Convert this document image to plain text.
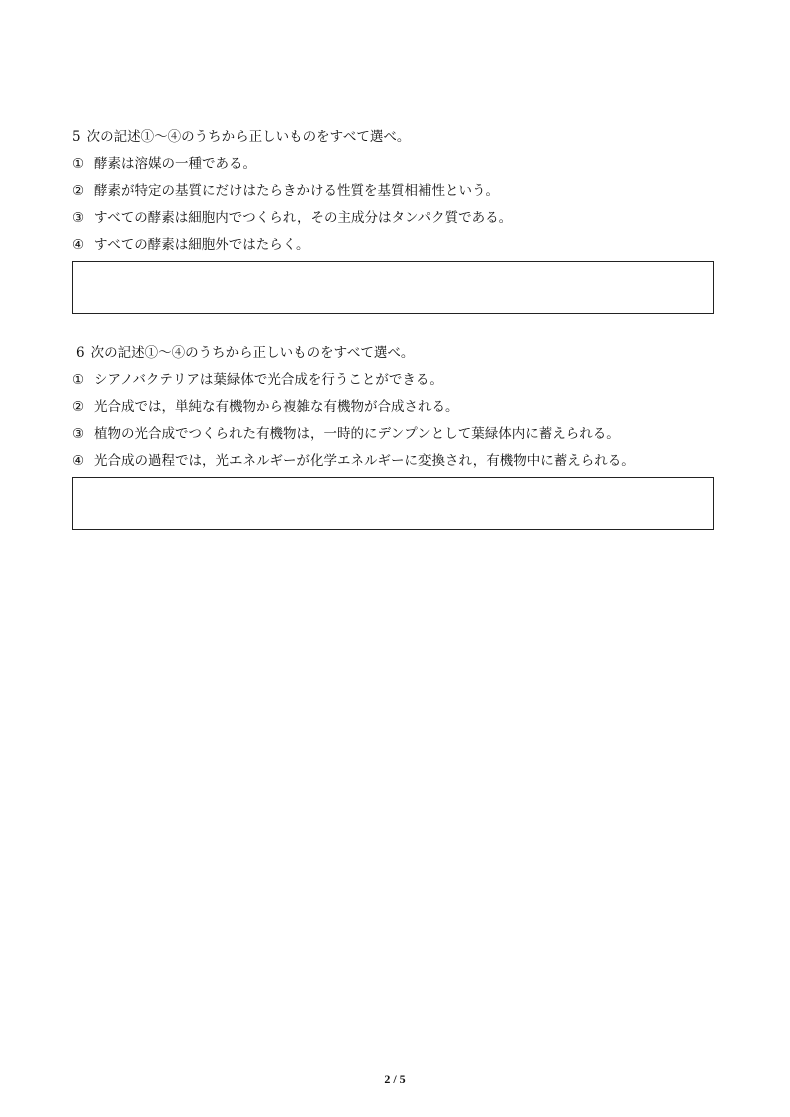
5 次の記述①～④のうちから正しいものをすべて選べ。
① 酵素は溶媒の一種である。
② 酵素が特定の基質にだけはたらきかける性質を基質相補性という。
③ すべての酵素は細胞内でつくられ，その主成分はタンパク質である。
④ すべての酵素は細胞外ではたらく。
6 次の記述①～④のうちから正しいものをすべて選べ。
① シアノバクテリアは葉緑体で光合成を行うことができる。
② 光合成では，単純な有機物から複雑な有機物が合成される。
③ 植物の光合成でつくられた有機物は，一時的にデンプンとして葉緑体内に蓄えられる。
④ 光合成の過程では，光エネルギーが化学エネルギーに変換され，有機物中に蓄えられる。
2 / 5
